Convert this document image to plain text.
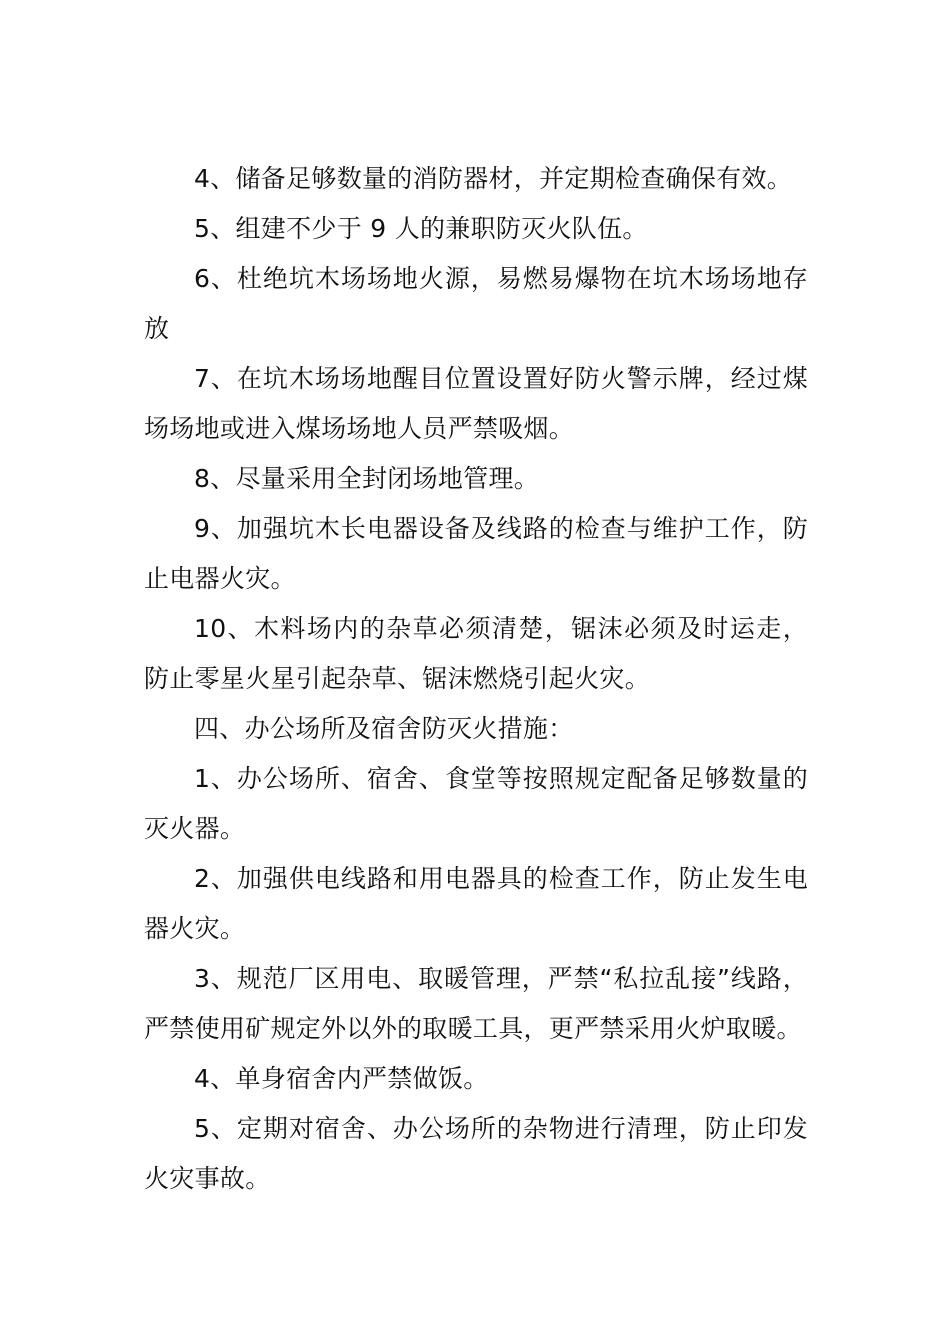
4、储备足够数量的消防器材，并定期检查确保有效。

5、组建不少于 9 人的兼职防灭火队伍。

6、杜绝坑木场场地火源，易燃易爆物在坑木场场地存放

7、在坑木场场地醒目位置设置好防火警示牌，经过煤场场地或进入煤场场地人员严禁吸烟。

8、尽量采用全封闭场地管理。

9、加强坑木长电器设备及线路的检查与维护工作，防止电器火灾。

10、木料场内的杂草必须清楚，锯沫必须及时运走，防止零星火星引起杂草、锯沫燃烧引起火灾。

四、办公场所及宿舍防灭火措施：

1、办公场所、宿舍、食堂等按照规定配备足够数量的灭火器。

2、加强供电线路和用电器具的检查工作，防止发生电器火灾。

3、规范厂区用电、取暖管理，严禁“私拉乱接”线路，严禁使用矿规定外以外的取暖工具，更严禁采用火炉取暖。

4、单身宿舍内严禁做饭。

5、定期对宿舍、办公场所的杂物进行清理，防止印发火灾事故。
